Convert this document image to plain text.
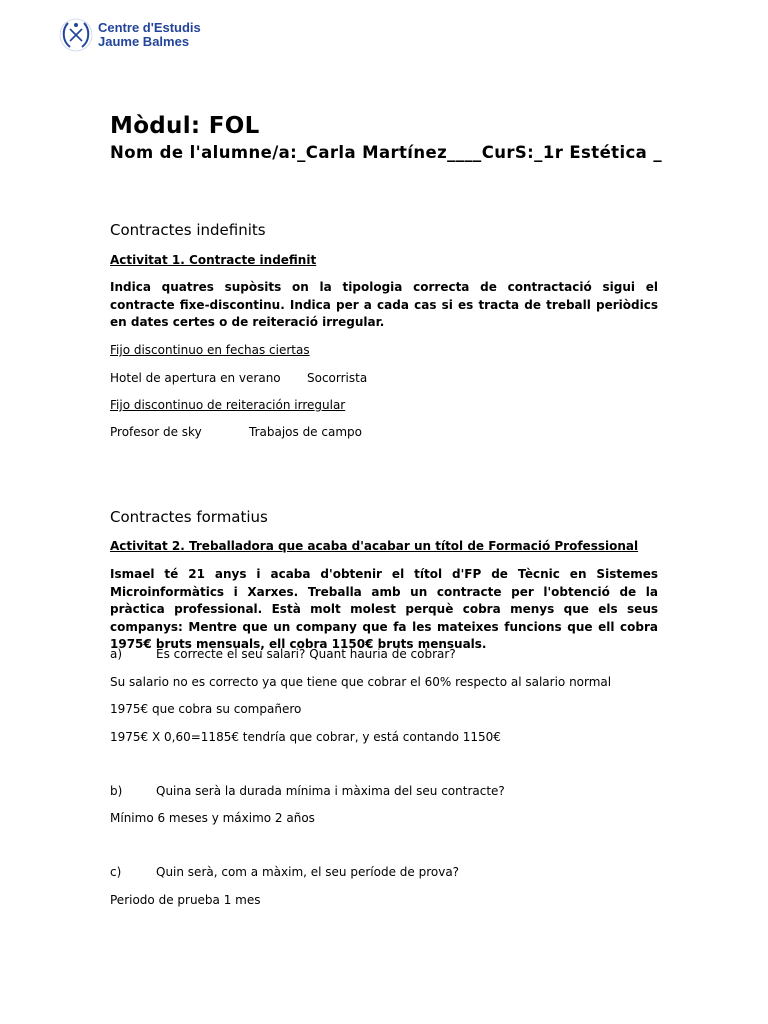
Centre d'Estudis
Jaume Balmes
Mòdul: FOL
Nom de l'alumne/a:_Carla Martínez____CurS:_1r Estética _
Contractes indefinits
Activitat 1. Contracte indefinit
Indica quatres supòsits on la tipologia correcta de contractació sigui el contracte fixe-discontinu. Indica per a cada cas si es tracta de treball periòdics en dates certes o de reiteració irregular.
Fijo discontinuo en fechas ciertas
Hotel de apertura en verano Socorrista
Fijo discontinuo de reiteración irregular
Profesor de sky	Trabajos de campo
Contractes formatius
Activitat 2. Treballadora que acaba d'acabar un títol de Formació Professional
Ismael té 21 anys i acaba d'obtenir el títol d'FP de Tècnic en Sistemes Microinformàtics i Xarxes. Treballa amb un contracte per l'obtenció de la pràctica professional. Està molt molest perquè cobra menys que els seus companys: Mentre que un company que fa les mateixes funcions que ell cobra 1975€ bruts mensuals, ell cobra 1150€ bruts mensuals.
a)	És correcte el seu salari? Quant hauria de cobrar?
Su salario no es correcto ya que tiene que cobrar el 60% respecto al salario normal
1975€ que cobra su compañero
1975€ X 0,60=1185€ tendría que cobrar, y está contando 1150€
b)	Quina serà la durada mínima i màxima del seu contracte?
Mínimo 6 meses y máximo 2 años
c)	Quin serà, com a màxim, el seu període de prova?
Periodo de prueba 1 mes
